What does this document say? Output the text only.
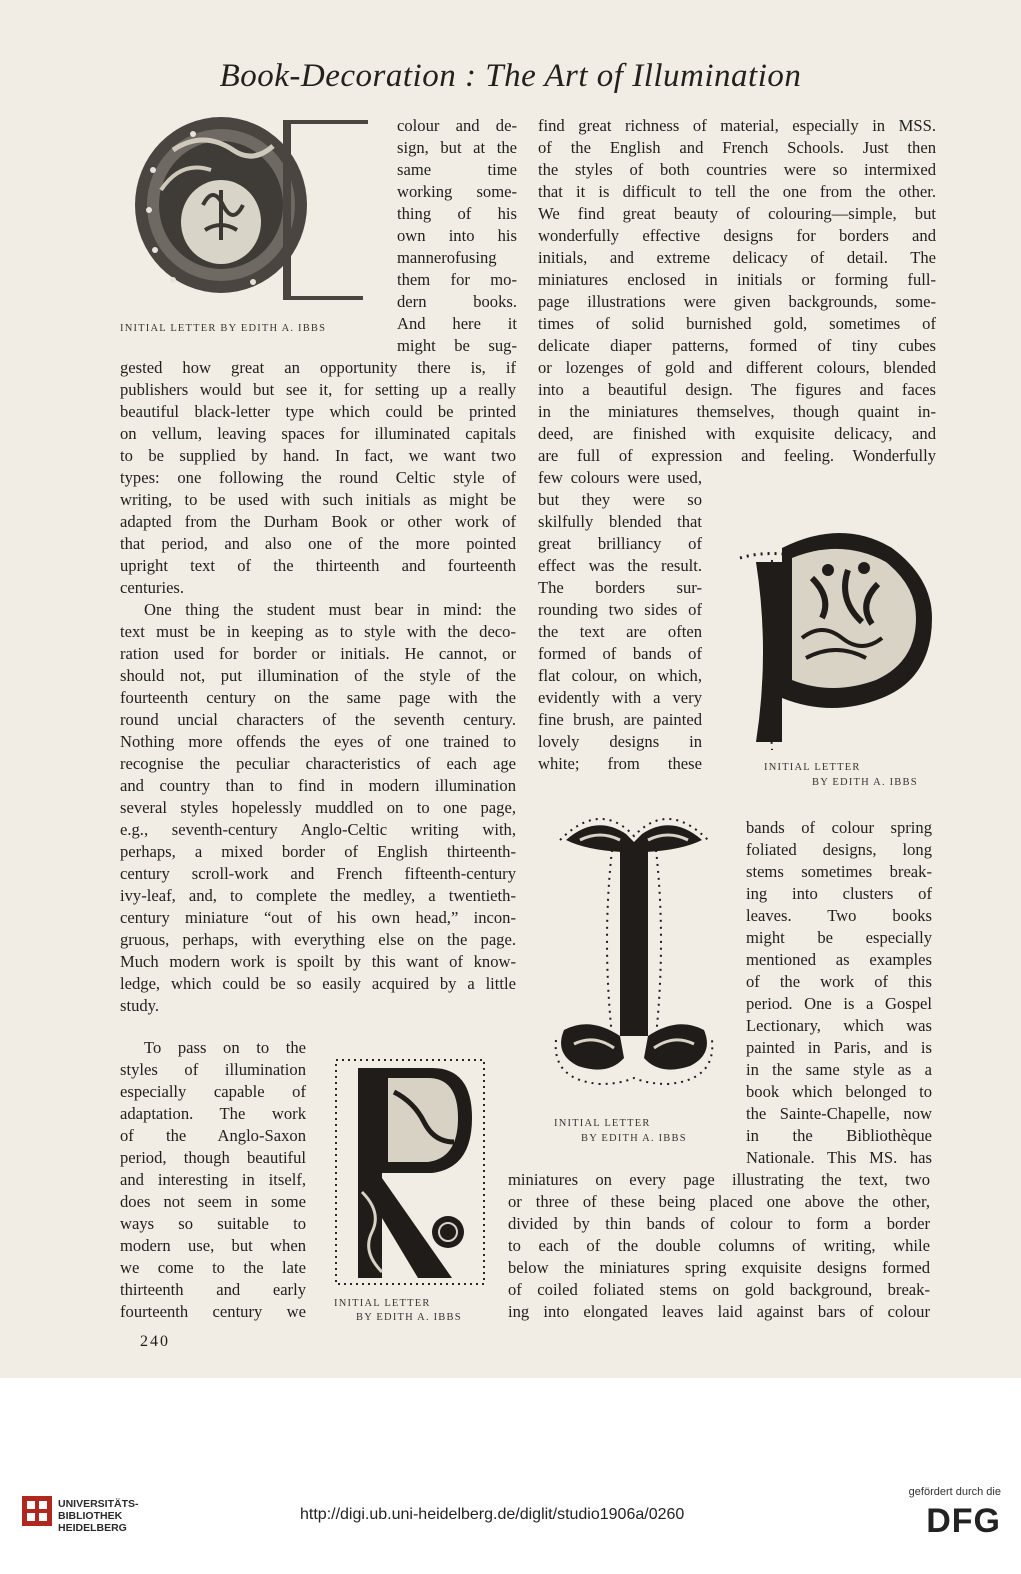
Book-Decoration : The Art of Illumination
INITIAL LETTER BY EDITH A. IBBS
colour and de-
sign, but at the
same time
working some-
thing of his
own into his
mannerofusing
them for mo-
dern books.
And here it
might be sug-
gested how great an opportunity there is, if
publishers would but see it, for setting up a really
beautiful black-letter type which could be printed
on vellum, leaving spaces for illuminated capitals
to be supplied by hand. In fact, we want two
types: one following the round Celtic style of
writing, to be used with such initials as might be
adapted from the Durham Book or other work of
that period, and also one of the more pointed
upright text of the thirteenth and fourteenth
centuries.
One thing the student must bear in mind: the
text must be in keeping as to style with the deco-
ration used for border or initials. He cannot, or
should not, put illumination of the style of the
fourteenth century on the same page with the
round uncial characters of the seventh century.
Nothing more offends the eyes of one trained to
recognise the peculiar characteristics of each age
and country than to find in modern illumination
several styles hopelessly muddled on to one page,
e.g., seventh-century Anglo-Celtic writing with,
perhaps, a mixed border of English thirteenth-
century scroll-work and French fifteenth-century
ivy-leaf, and, to complete the medley, a twentieth-
century miniature “out of his own head,” incon-
gruous, perhaps, with everything else on the page.
Much modern work is spoilt by this want of know-
ledge, which could be so easily acquired by a little
study.
To pass on to the
styles of illumination
especially capable of
adaptation. The work
of the Anglo-Saxon
period, though beautiful
and interesting in itself,
does not seem in some
ways so suitable to
modern use, but when
we come to the late
thirteenth and early
fourteenth century we	INITIAL LETTER
BY EDITH A. IBBS
240
find great richness of material, especially in MSS.
of the English and French Schools. Just then
the styles of both countries were so intermixed
that it is difficult to tell the one from the other.
We find great beauty of colouring—simple, but
wonderfully effective designs for borders and
initials, and extreme delicacy of detail. The
miniatures enclosed in initials or forming full-
page illustrations were given backgrounds, some-
times of solid burnished gold, sometimes of
delicate diaper patterns, formed of tiny cubes
or lozenges of gold and different colours, blended
into a beautiful design. The figures and faces
in the miniatures themselves, though quaint in-
deed, are finished with exquisite delicacy, and
are full of expression and feeling. Wonderfully
few colours were used,
but they were so
skilfully blended that
great brilliancy of
effect was the result.
The borders sur-
rounding two sides of
the text are often
formed of bands of
flat colour, on which,
evidently with a very
fine brush, are painted
lovely designs in
white; from these	INITIAL LETTER
BY EDITH A. IBBS
INITIAL LETTER
BY EDITH A. IBBS
bands of colour spring
foliated designs, long
stems sometimes break-
ing into clusters of
leaves. Two books
might be especially
mentioned as examples
of the work of this
period. One is a Gospel
Lectionary, which was
painted in Paris, and is
in the same style as a
book which belonged to
the Sainte-Chapelle, now
in the Bibliothèque
Nationale. This MS. has
miniatures on every page illustrating the text, two
or three of these being placed one above the other,
divided by thin bands of colour to form a border
to each of the double columns of writing, while
below the miniatures spring exquisite designs formed
of coiled foliated stems on gold background, break-
ing into elongated leaves laid against bars of colour
UNIVERSITÄTS-
BIBLIOTHEK
HEIDELBERG
http://digi.ub.uni-heidelberg.de/diglit/studio1906a/0260
gefördert durch die
DFG
